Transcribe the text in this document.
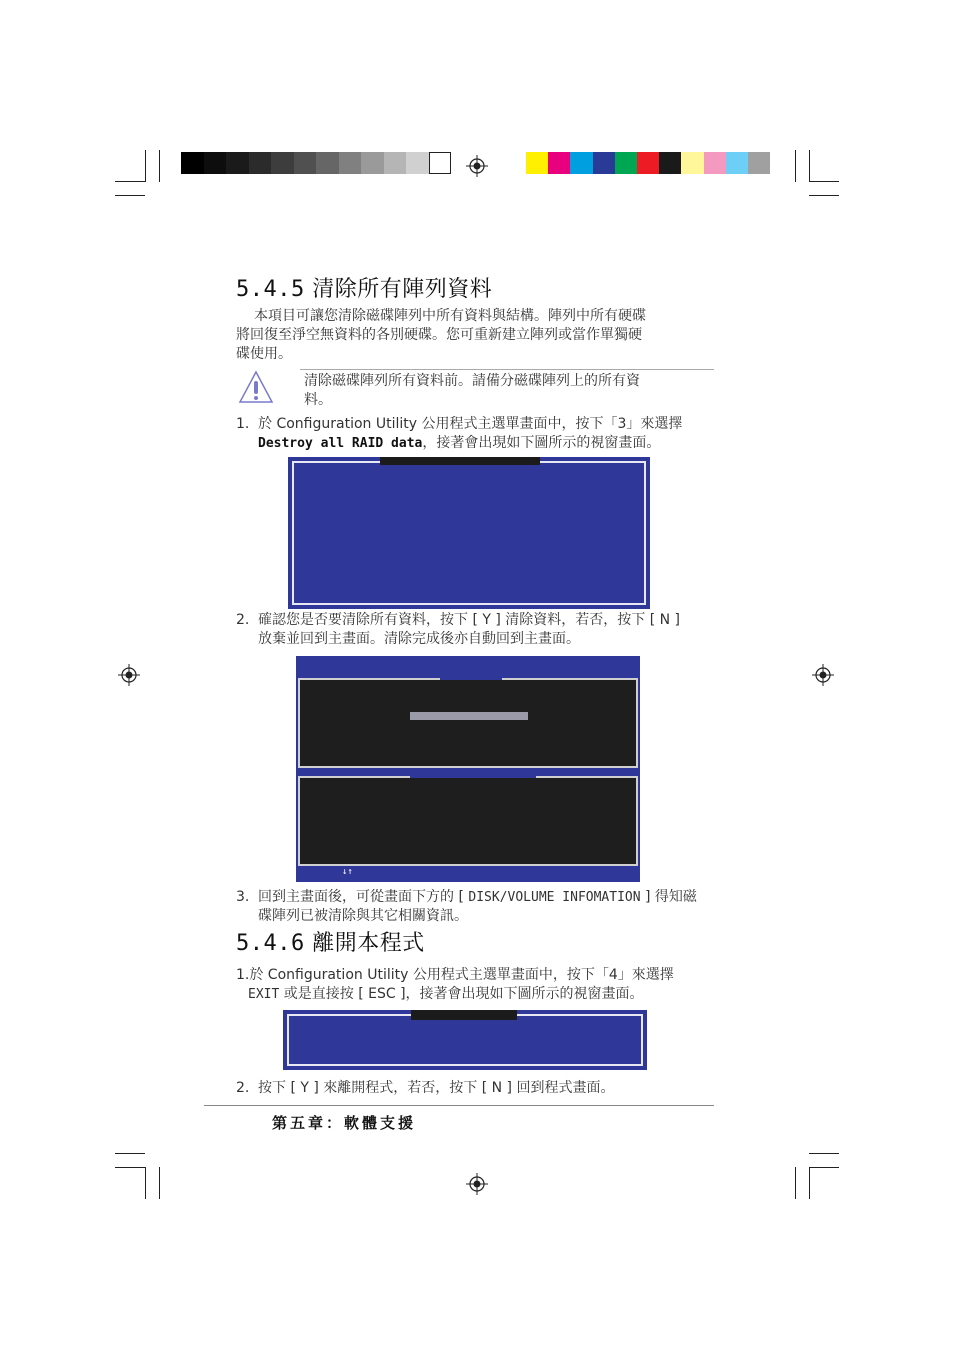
5.4.5 清除所有陣列資料
本項目可讓您清除磁碟陣列中所有資料與結構。陣列中所有硬碟
將回復至淨空無資料的各別硬碟。您可重新建立陣列或當作單獨硬
碟使用。
清除磁碟陣列所有資料前。請備分磁碟陣列上的所有資
料。
1. 於 Configuration Utility 公用程式主選單畫面中，按下「3」來選擇
Destroy all RAID data，接著會出現如下圖所示的視窗畫面。
2. 確認您是否要清除所有資料，按下 [ Y ] 清除資料，若否，按下 [ N ]
放棄並回到主畫面。清除完成後亦自動回到主畫面。
↓↑
3. 回到主畫面後，可從畫面下方的 [ DISK/VOLUME INFOMATION ] 得知磁
碟陣列已被清除與其它相關資訊。
5.4.6 離開本程式
1.於 Configuration Utility 公用程式主選單畫面中，按下「4」來選擇
EXIT 或是直接按 [ ESC ]，接著會出現如下圖所示的視窗畫面。
2. 按下 [ Y ] 來離開程式，若否，按下 [ N ] 回到程式畫面。
第五章：軟體支援
